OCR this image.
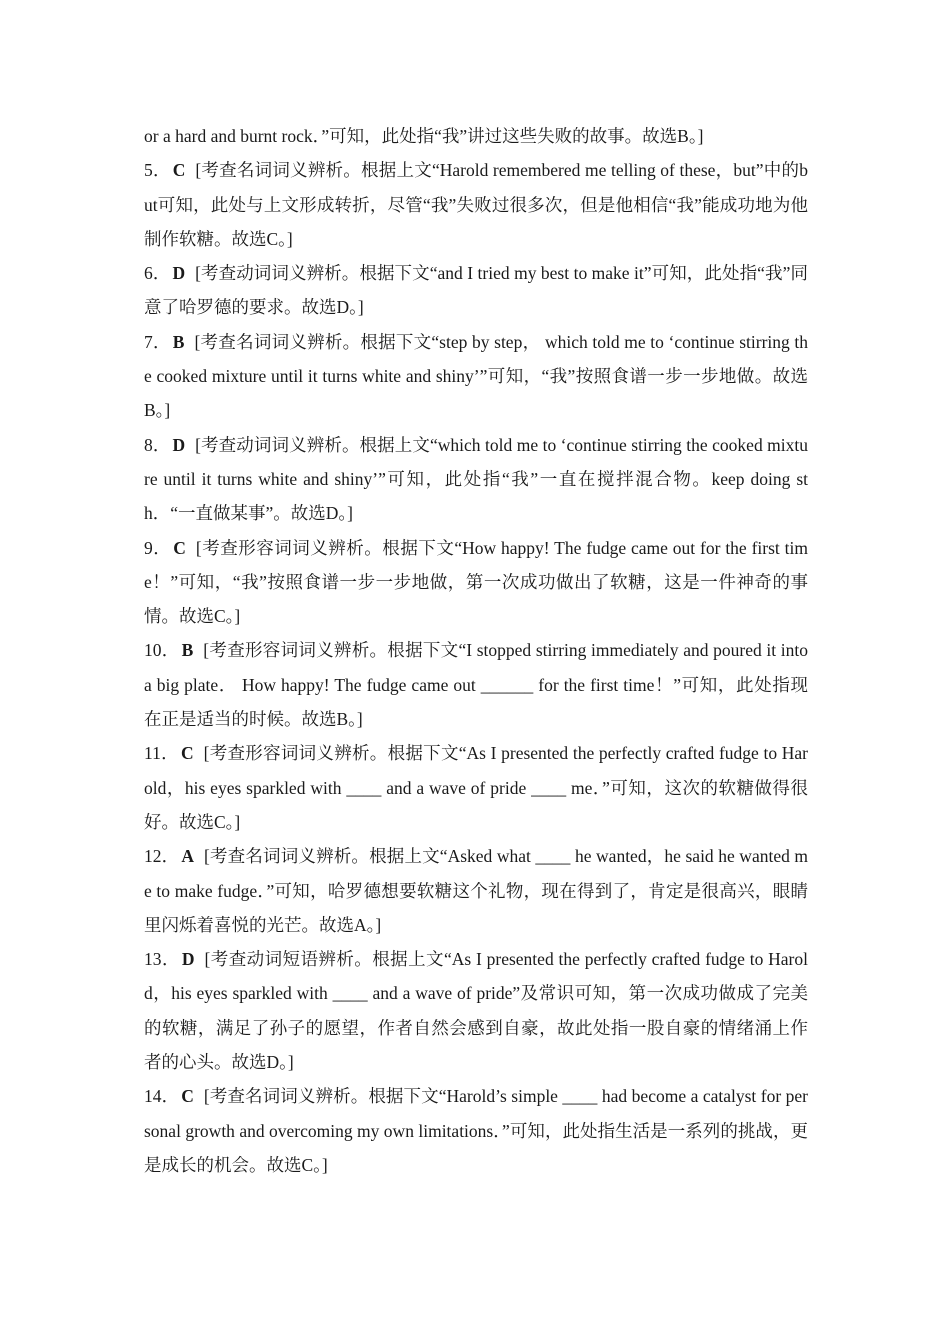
or a hard and burnt rock．”可知，此处指“我”讲过这些失败的故事。故选B。]

5． C [考查名词词义辨析。根据上文“Harold remembered me telling of these，but”中的but可知，此处与上文形成转折，尽管“我”失败过很多次，但是他相信“我”能成功地为他制作软糖。故选C。]

6． D [考查动词词义辨析。根据下文“and I tried my best to make it”可知，此处指“我”同意了哈罗德的要求。故选D。]

7． B [考查名词词义辨析。根据下文“step by step， which told me to ‘continue stirring the cooked mixture until it turns white and shiny’”可知，“我”按照食谱一步一步地做。故选B。]

8． D [考查动词词义辨析。根据上文“which told me to ‘continue stirring the cooked mixture until it turns white and shiny’”可知，此处指“我”一直在搅拌混合物。keep doing sth．“一直做某事”。故选D。]

9． C [考查形容词词义辨析。根据下文“How happy! The fudge came out for the first time！”可知，“我”按照食谱一步一步地做，第一次成功做出了软糖，这是一件神奇的事情。故选C。]

10． B [考查形容词词义辨析。根据下文“I stopped stirring immediately and poured it into a big plate． How happy! The fudge came out ______ for the first time！”可知，此处指现在正是适当的时候。故选B。]

11． C [考查形容词词义辨析。根据下文“As I presented the perfectly crafted fudge to Harold，his eyes sparkled with ____ and a wave of pride ____ me．”可知，这次的软糖做得很好。故选C。]

12． A [考查名词词义辨析。根据上文“Asked what ____ he wanted，he said he wanted me to make fudge．”可知，哈罗德想要软糖这个礼物，现在得到了，肯定是很高兴，眼睛里闪烁着喜悦的光芒。故选A。]

13． D [考查动词短语辨析。根据上文“As I presented the perfectly crafted fudge to Harold，his eyes sparkled with ____ and a wave of pride”及常识可知，第一次成功做成了完美的软糖，满足了孙子的愿望，作者自然会感到自豪，故此处指一股自豪的情绪涌上作者的心头。故选D。]

14． C [考查名词词义辨析。根据下文“Harold’s simple ____ had become a catalyst for personal growth and overcoming my own limitations．”可知，此处指生活是一系列的挑战，更是成长的机会。故选C。]
